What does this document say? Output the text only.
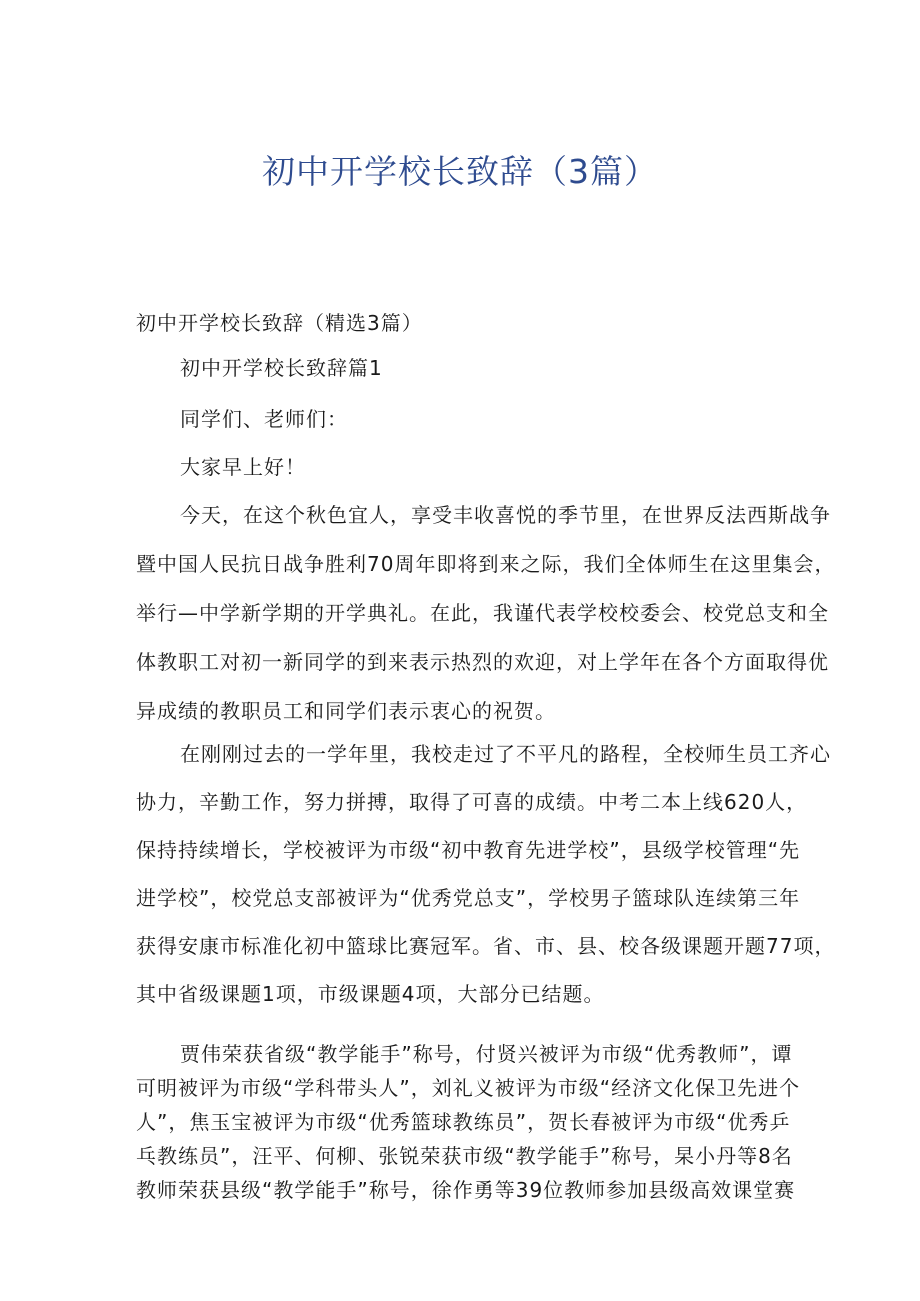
初中开学校长致辞（3篇）

初中开学校长致辞（精选3篇）

初中开学校长致辞篇1

同学们、老师们：

大家早上好！

今天，在这个秋色宜人，享受丰收喜悦的季节里，在世界反法西斯战争
暨中国人民抗日战争胜利70周年即将到来之际，我们全体师生在这里集会，
举行—中学新学期的开学典礼。在此，我谨代表学校校委会、校党总支和全
体教职工对初一新同学的到来表示热烈的欢迎，对上学年在各个方面取得优
异成绩的教职员工和同学们表示衷心的祝贺。
在刚刚过去的一学年里，我校走过了不平凡的路程，全校师生员工齐心
协力，辛勤工作，努力拼搏，取得了可喜的成绩。中考二本上线620人，
保持持续增长，学校被评为市级“初中教育先进学校”，县级学校管理“先
进学校”，校党总支部被评为“优秀党总支”，学校男子篮球队连续第三年
获得安康市标准化初中篮球比赛冠军。省、市、县、校各级课题开题77项，
其中省级课题1项，市级课题4项，大部分已结题。
贾伟荣获省级“教学能手”称号，付贤兴被评为市级“优秀教师”，谭
可明被评为市级“学科带头人”，刘礼义被评为市级“经济文化保卫先进个
人”，焦玉宝被评为市级“优秀篮球教练员”，贺长春被评为市级“优秀乒
乓教练员”，汪平、何柳、张锐荣获市级“教学能手”称号，杲小丹等8名
教师荣获县级“教学能手”称号，徐作勇等39位教师参加县级高效课堂赛
